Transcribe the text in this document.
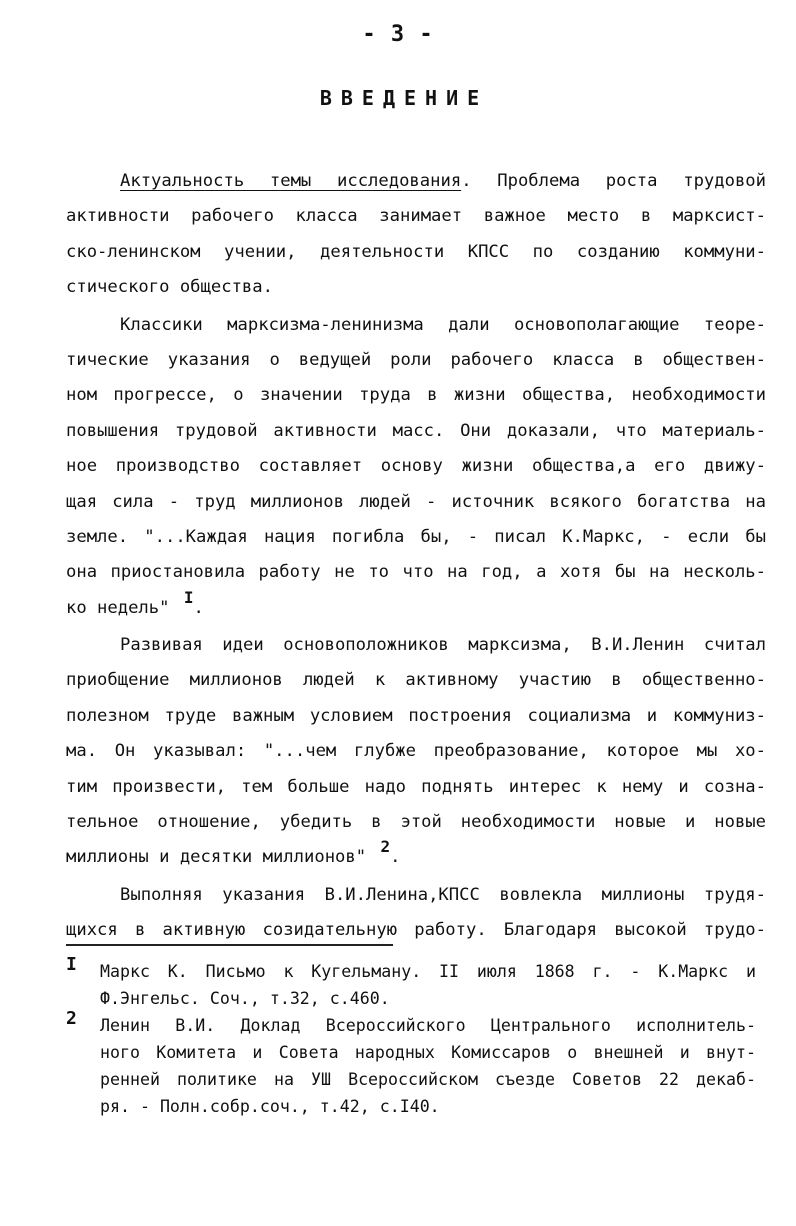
- 3 -
ВВЕДЕНИЕ
Актуальность темы исследования. Проблема роста трудовой
активности рабочего класса занимает важное место в марксист-
ско-ленинском учении, деятельности КПСС по созданию коммуни-
стического общества.
Классики марксизма-ленинизма дали основополагающие теоре-
тические указания о ведущей роли рабочего класса в обществен-
ном прогрессе, о значении труда в жизни общества, необходимости
повышения трудовой активности масс. Они доказали, что материаль-
ное производство составляет основу жизни общества,а его движу-
щая сила - труд миллионов людей - источник всякого богатства на
земле. "...Каждая нация погибла бы, - писал К.Маркс, - если бы
она приостановила работу не то что на год, а хотя бы на несколь-
ко недель" $^I$.
Развивая идеи основоположников марксизма, В.И.Ленин считал
приобщение миллионов людей к активному участию в общественно-
полезном труде важным условием построения социализма и коммуниз-
ма. Он указывал: "...чем глубже преобразование, которое мы хо-
тим произвести, тем больше надо поднять интерес к нему и созна-
тельное отношение, убедить в этой необходимости новые и новые
миллионы и десятки миллионов" $^2$.
Выполняя указания В.И.Ленина,КПСС вовлекла миллионы трудя-
щихся в активную созидательную работу. Благодаря высокой трудо-
I Маркс К. Письмо к Кугельману. II июля 1868 г. - К.Маркс и
Ф.Энгельс. Соч., т.32, с.460.
2 Ленин В.И. Доклад Всероссийского Центрального исполнитель-
ного Комитета и Совета народных Комиссаров о внешней и внут-
ренней политике на УШ Всероссийском съезде Советов 22 декаб-
ря. - Полн.собр.соч., т.42, с.I40.
